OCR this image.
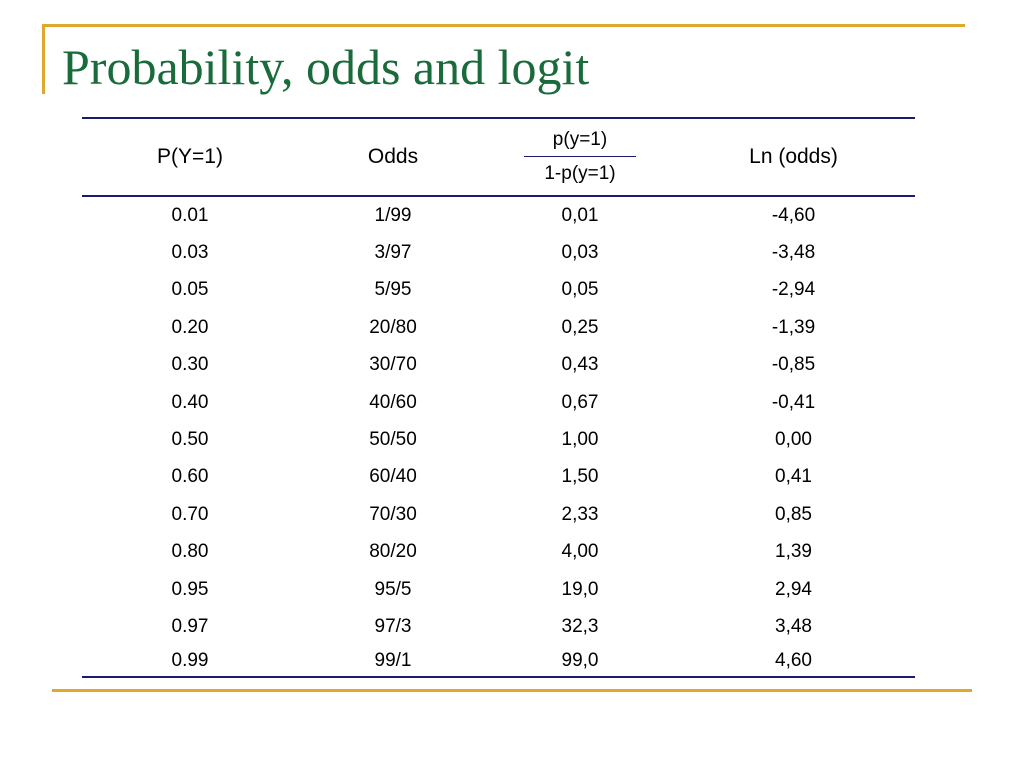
Probability, odds and logit
P(Y=1)	Odds	$\frac{p(y=1)}{1-p(y=1)}$	Ln (odds)
0.01	1/99	0,01	-4,60
0.03	3/97	0,03	-3,48
0.05	5/95	0,05	-2,94
0.20	20/80	0,25	-1,39
0.30	30/70	0,43	-0,85
0.40	40/60	0,67	-0,41
0.50	50/50	1,00	0,00
0.60	60/40	1,50	0,41
0.70	70/30	2,33	0,85
0.80	80/20	4,00	1,39
0.95	95/5	19,0	2,94
0.97	97/3	32,3	3,48
0.99	99/1	99,0	4,60
